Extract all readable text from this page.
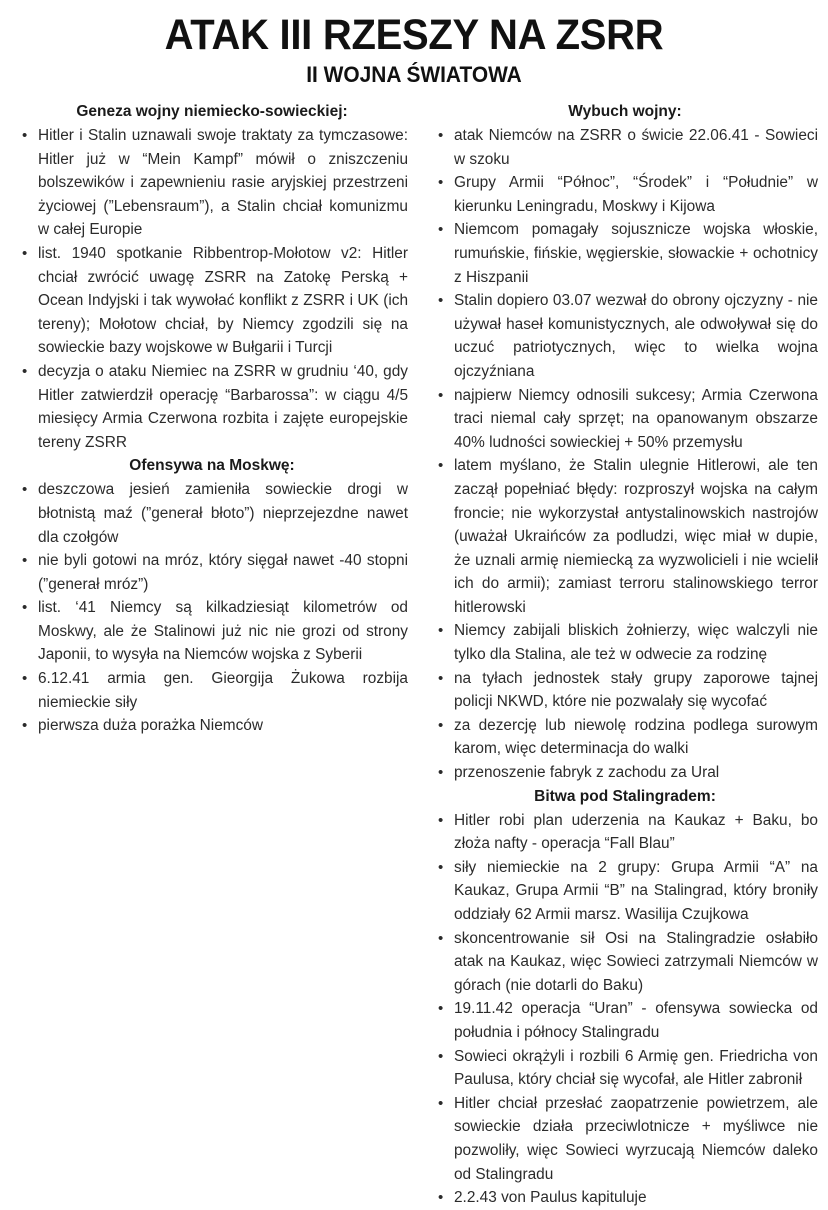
ATAK III RZESZY NA ZSRR
II WOJNA ŚWIATOWA
Geneza wojny niemiecko-sowieckiej:
• Hitler i Stalin uznawali swoje traktaty za tymczasowe: Hitler już w “Mein Kampf” mówił o zniszczeniu bolszewików i zapewnieniu rasie aryjskiej przestrzeni życiowej (”Lebensraum”), a Stalin chciał komunizmu w całej Europie
• list. 1940 spotkanie Ribbentrop-Mołotow v2: Hitler chciał zwrócić uwagę ZSRR na Zatokę Perską + Ocean Indyjski i tak wywołać konflikt z ZSRR i UK (ich tereny); Mołotow chciał, by Niemcy zgodzili się na sowieckie bazy wojskowe w Bułgarii i Turcji
• decyzja o ataku Niemiec na ZSRR w grudniu ‘40, gdy Hitler zatwierdził operację “Barbarossa”: w ciągu 4/5 miesięcy Armia Czerwona rozbita i zajęte europejskie tereny ZSRR
Ofensywa na Moskwę:
• deszczowa jesień zamieniła sowieckie drogi w błotnistą maź (”generał błoto”) nieprzejezdne nawet dla czołgów
• nie byli gotowi na mróz, który sięgał nawet -40 stopni (”generał mróz”)
• list. ‘41 Niemcy są kilkadziesiąt kilometrów od Moskwy, ale że Stalinowi już nic nie grozi od strony Japonii, to wysyła na Niemców wojska z Syberii
• 6.12.41 armia gen. Gieorgija Żukowa rozbija niemieckie siły
• pierwsza duża porażka Niemców
Wybuch wojny:
• atak Niemców na ZSRR o świcie 22.06.41 - Sowieci w szoku
• Grupy Armii “Północ”, “Środek” i “Południe” w kierunku Leningradu, Moskwy i Kijowa
• Niemcom pomagały sojusznicze wojska włoskie, rumuńskie, fińskie, węgierskie, słowackie + ochotnicy z Hiszpanii
• Stalin dopiero 03.07 wezwał do obrony ojczyzny - nie używał haseł komunistycznych, ale odwoływał się do uczuć patriotycznych, więc to wielka wojna ojczyźniana
• najpierw Niemcy odnosili sukcesy; Armia Czerwona traci niemal cały sprzęt; na opanowanym obszarze 40% ludności sowieckiej + 50% przemysłu
• latem myślano, że Stalin ulegnie Hitlerowi, ale ten zaczął popełniać błędy: rozproszył wojska na całym froncie; nie wykorzystał antystalinowskich nastrojów (uważał Ukraińców za podludzi, więc miał w dupie, że uznali armię niemiecką za wyzwolicieli i nie wcielił ich do armii); zamiast terroru stalinowskiego terror hitlerowski
• Niemcy zabijali bliskich żołnierzy, więc walczyli nie tylko dla Stalina, ale też w odwecie za rodzinę
• na tyłach jednostek stały grupy zaporowe tajnej policji NKWD, które nie pozwalały się wycofać
• za dezercję lub niewolę rodzina podlega surowym karom, więc determinacja do walki
• przenoszenie fabryk z zachodu za Ural
Bitwa pod Stalingradem:
• Hitler robi plan uderzenia na Kaukaz + Baku, bo złoża nafty - operacja “Fall Blau”
• siły niemieckie na 2 grupy: Grupa Armii “A” na Kaukaz, Grupa Armii “B” na Stalingrad, który broniły oddziały 62 Armii marsz. Wasilija Czujkowa
• skoncentrowanie sił Osi na Stalingradzie osłabiło atak na Kaukaz, więc Sowieci zatrzymali Niemców w górach (nie dotarli do Baku)
• 19.11.42 operacja “Uran” - ofensywa sowiecka od południa i północy Stalingradu
• Sowieci okrążyli i rozbili 6 Armię gen. Friedricha von Paulusa, który chciał się wycofał, ale Hitler zabronił
• Hitler chciał przesłać zaopatrzenie powietrzem, ale sowieckie działa przeciwlotnicze + myśliwce nie pozwoliły, więc Sowieci wyrzucają Niemców daleko od Stalingradu
• 2.2.43 von Paulus kapituluje
